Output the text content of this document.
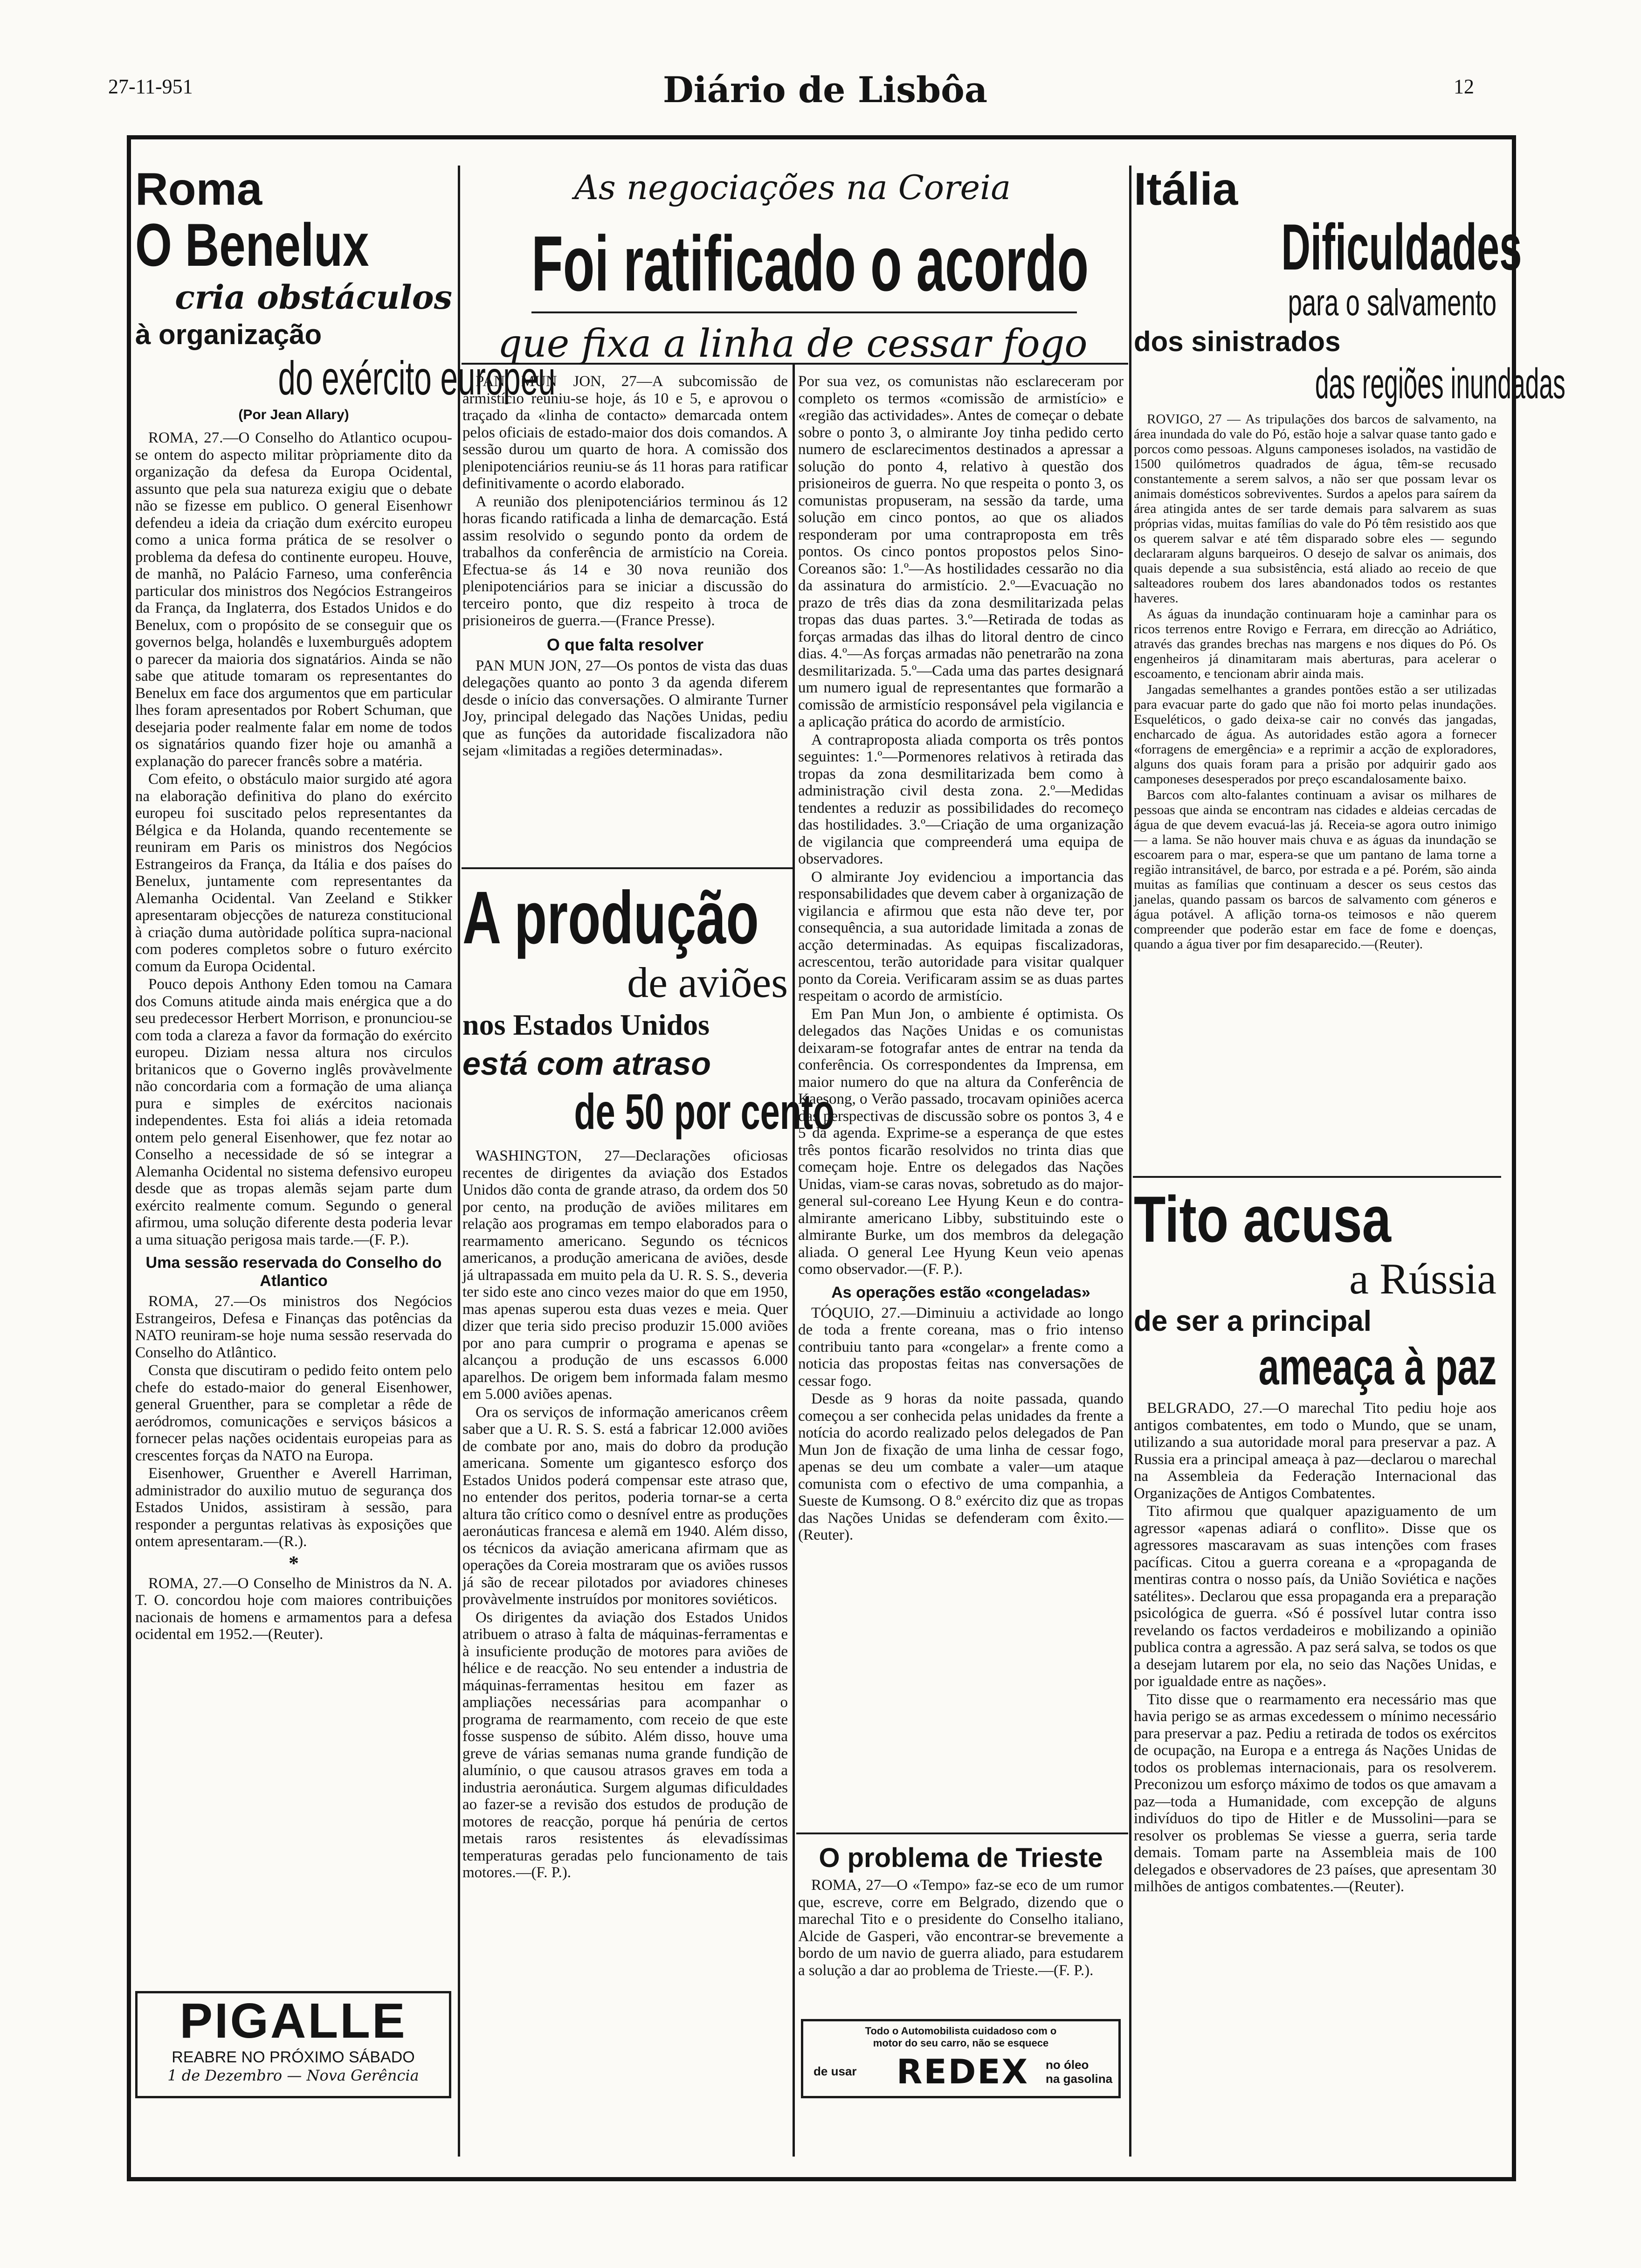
27-11-951	Diário de Lisbôa	12
Roma
O Benelux
cria obstáculos
à organização
do exército europeu
(Por Jean Allary)

ROMA, 27.—O Conselho do Atlantico ocupou-se ontem do aspecto militar pròpriamente dito da organização da defesa da Europa Ocidental, assunto que pela sua natureza exigiu que o debate não se fizesse em publico. O general Eisenhowr defendeu a ideia da criação dum exército europeu como a unica forma prática de se resolver o problema da defesa do continente europeu. Houve, de manhã, no Palácio Farneso, uma conferência particular dos ministros dos Negócios Estrangeiros da França, da Inglaterra, dos Estados Unidos e do Benelux, com o propósito de se conseguir que os governos belga, holandês e luxemburguês adoptem o parecer da maioria dos signatários. Ainda se não sabe que atitude tomaram os representantes do Benelux em face dos argumentos que em particular lhes foram apresentados por Robert Schuman, que desejaria poder realmente falar em nome de todos os signatários quando fizer hoje ou amanhã a explanação do parecer francês sobre a matéria.

Com efeito, o obstáculo maior surgido até agora na elaboração definitiva do plano do exército europeu foi suscitado pelos representantes da Bélgica e da Holanda, quando recentemente se reuniram em Paris os ministros dos Negócios Estrangeiros da França, da Itália e dos países do Benelux, juntamente com representantes da Alemanha Ocidental. Van Zeeland e Stikker apresentaram objecções de natureza constitucional à criação duma autòridade política supra-nacional com poderes completos sobre o futuro exército comum da Europa Ocidental.

Pouco depois Anthony Eden tomou na Camara dos Comuns atitude ainda mais enérgica que a do seu predecessor Herbert Morrison, e pronunciou-se com toda a clareza a favor da formação do exército europeu. Diziam nessa altura nos circulos britanicos que o Governo inglês provàvelmente não concordaria com a formação de uma aliança pura e simples de exércitos nacionais independentes. Esta foi aliás a ideia retomada ontem pelo general Eisenhower, que fez notar ao Conselho a necessidade de só se integrar a Alemanha Ocidental no sistema defensivo europeu desde que as tropas alemãs sejam parte dum exército realmente comum. Segundo o general afirmou, uma solução diferente desta poderia levar a uma situação perigosa mais tarde.—(F. P.).

Uma sessão reservada do Conselho do Atlantico

ROMA, 27.—Os ministros dos Negócios Estrangeiros, Defesa e Finanças das potências da NATO reuniram-se hoje numa sessão reservada do Conselho do Atlântico.

Consta que discutiram o pedido feito ontem pelo chefe do estado-maior do general Eisenhower, general Gruenther, para se completar a rêde de aeródromos, comunicações e serviços básicos a fornecer pelas nações ocidentais europeias para as crescentes forças da NATO na Europa.

Eisenhower, Gruenther e Averell Harriman, administrador do auxilio mutuo de segurança dos Estados Unidos, assistiram à sessão, para responder a perguntas relativas às exposições que ontem apresentaram.—(R.).

*

ROMA, 27.—O Conselho de Ministros da N. A. T. O. concordou hoje com maiores contribuições nacionais de homens e armamentos para a defesa ocidental em 1952.—(Reuter).

PIGALLE
REABRE NO PRÓXIMO SÁBADO
1 de Dezembro — Nova Gerência
As negociações na Coreia
Foi ratificado o acordo
que fixa a linha de cessar fogo

PAN MUN JON, 27—A subcomissão de armistício reuniu-se hoje, ás 10 e 5, e aprovou o traçado da «linha de contacto» demarcada ontem pelos oficiais de estado-maior dos dois comandos. A sessão durou um quarto de hora. A comissão dos plenipotenciários reuniu-se ás 11 horas para ratificar definitivamente o acordo elaborado.

A reunião dos plenipotenciários terminou ás 12 horas ficando ratificada a linha de demarcação. Está assim resolvido o segundo ponto da ordem de trabalhos da conferência de armistício na Coreia. Efectua-se ás 14 e 30 nova reunião dos plenipotenciários para se iniciar a discussão do terceiro ponto, que diz respeito à troca de prisioneiros de guerra.—(France Presse).

O que falta resolver

PAN MUN JON, 27—Os pontos de vista das duas delegações quanto ao ponto 3 da agenda diferem desde o início das conversações. O almirante Turner Joy, principal delegado das Nações Unidas, pediu que as funções da autoridade fiscalizadora não sejam «limitadas a regiões determinadas».

A produção
de aviões
nos Estados Unidos
está com atraso
de 50 por cento

WASHINGTON, 27—Declarações oficiosas recentes de dirigentes da aviação dos Estados Unidos dão conta de grande atraso, da ordem dos 50 por cento, na produção de aviões militares em relação aos programas em tempo elaborados para o rearmamento americano. Segundo os técnicos americanos, a produção americana de aviões, desde já ultrapassada em muito pela da U. R. S. S., deveria ter sido este ano cinco vezes maior do que em 1950, mas apenas superou esta duas vezes e meia. Quer dizer que teria sido preciso produzir 15.000 aviões por ano para cumprir o programa e apenas se alcançou a produção de uns escassos 6.000 aparelhos. De origem bem informada falam mesmo em 5.000 aviões apenas.

Ora os serviços de informação americanos crêem saber que a U. R. S. S. está a fabricar 12.000 aviões de combate por ano, mais do dobro da produção americana. Somente um gigantesco esforço dos Estados Unidos poderá compensar este atraso que, no entender dos peritos, poderia tornar-se a certa altura tão crítico como o desnível entre as produções aeronáuticas francesa e alemã em 1940. Além disso, os técnicos da aviação americana afirmam que as operações da Coreia mostraram que os aviões russos já são de recear pilotados por aviadores chineses provàvelmente instruídos por monitores soviéticos.

Os dirigentes da aviação dos Estados Unidos atribuem o atraso à falta de máquinas-ferramentas e à insuficiente produção de motores para aviões de hélice e de reacção. No seu entender a industria de máquinas-ferramentas hesitou em fazer as ampliações necessárias para acompanhar o programa de rearmamento, com receio de que este fosse suspenso de súbito. Além disso, houve uma greve de várias semanas numa grande fundição de alumínio, o que causou atrasos graves em toda a industria aeronáutica. Surgem algumas dificuldades ao fazer-se a revisão dos estudos de produção de motores de reacção, porque há penúria de certos metais raros resistentes ás elevadíssimas temperaturas geradas pelo funcionamento de tais motores.—(F. P.).

Por sua vez, os comunistas não esclareceram por completo os termos «comissão de armistício» e «região das actividades». Antes de começar o debate sobre o ponto 3, o almirante Joy tinha pedido certo numero de esclarecimentos destinados a apressar a solução do ponto 4, relativo à questão dos prisioneiros de guerra. No que respeita o ponto 3, os comunistas propuseram, na sessão da tarde, uma solução em cinco pontos, ao que os aliados responderam por uma contraproposta em três pontos. Os cinco pontos propostos pelos Sino-Coreanos são: 1.º—As hostilidades cessarão no dia da assinatura do armistício. 2.º—Evacuação no prazo de três dias da zona desmilitarizada pelas tropas das duas partes. 3.º—Retirada de todas as forças armadas das ilhas do litoral dentro de cinco dias. 4.º—As forças armadas não penetrarão na zona desmilitarizada. 5.º—Cada uma das partes designará um numero igual de representantes que formarão a comissão de armistício responsável pela vigilancia e a aplicação prática do acordo de armistício.

A contraproposta aliada comporta os três pontos seguintes: 1.º—Pormenores relativos à retirada das tropas da zona desmilitarizada bem como à administração civil desta zona. 2.º—Medidas tendentes a reduzir as possibilidades do recomeço das hostilidades. 3.º—Criação de uma organização de vigilancia que compreenderá uma equipa de observadores.

O almirante Joy evidenciou a importancia das responsabilidades que devem caber à organização de vigilancia e afirmou que esta não deve ter, por consequência, a sua autoridade limitada a zonas de acção determinadas. As equipas fiscalizadoras, acrescentou, terão autoridade para visitar qualquer ponto da Coreia. Verificaram assim se as duas partes respeitam o acordo de armistício.

Em Pan Mun Jon, o ambiente é optimista. Os delegados das Nações Unidas e os comunistas deixaram-se fotografar antes de entrar na tenda da conferência. Os correspondentes da Imprensa, em maior numero do que na altura da Conferência de Kaesong, o Verão passado, trocavam opiniões acerca das perspectivas de discussão sobre os pontos 3, 4 e 5 da agenda. Exprime-se a esperança de que estes três pontos ficarão resolvidos no trinta dias que começam hoje. Entre os delegados das Nações Unidas, viam-se caras novas, sobretudo as do major-general sul-coreano Lee Hyung Keun e do contra-almirante americano Libby, substituindo este o almirante Burke, um dos membros da delegação aliada. O general Lee Hyung Keun veio apenas como observador.—(F. P.).

As operações estão «congeladas»

TÓQUIO, 27.—Diminuiu a actividade ao longo de toda a frente coreana, mas o frio intenso contribuiu tanto para «congelar» a frente como a noticia das propostas feitas nas conversações de cessar fogo.

Desde as 9 horas da noite passada, quando começou a ser conhecida pelas unidades da frente a notícia do acordo realizado pelos delegados de Pan Mun Jon de fixação de uma linha de cessar fogo, apenas se deu um combate a valer—um ataque comunista com o efectivo de uma companhia, a Sueste de Kumsong. O 8.º exército diz que as tropas das Nações Unidas se defenderam com êxito.—(Reuter).

O problema de Trieste

ROMA, 27—O «Tempo» faz-se eco de um rumor que, escreve, corre em Belgrado, dizendo que o marechal Tito e o presidente do Conselho italiano, Alcide de Gasperi, vão encontrar-se brevemente a bordo de um navio de guerra aliado, para estudarem a solução a dar ao problema de Trieste.—(F. P.).

Todo o Automobilista cuidadoso com o
motor do seu carro, não se esquece
de usar REDEX no óleo
na gasolina
Itália
Dificuldades
para o salvamento
dos sinistrados
das regiões inundadas

ROVIGO, 27 — As tripulações dos barcos de salvamento, na área inundada do vale do Pó, estão hoje a salvar quase tanto gado e porcos como pessoas. Alguns camponeses isolados, na vastidão de 1500 quilómetros quadrados de água, têm-se recusado constantemente a serem salvos, a não ser que possam levar os animais domésticos sobreviventes. Surdos a apelos para saírem da área atingida antes de ser tarde demais para salvarem as suas próprias vidas, muitas famílias do vale do Pó têm resistido aos que os querem salvar e até têm disparado sobre eles — segundo declararam alguns barqueiros. O desejo de salvar os animais, dos quais depende a sua subsistência, está aliado ao receio de que salteadores roubem dos lares abandonados todos os restantes haveres.

As águas da inundação continuaram hoje a caminhar para os ricos terrenos entre Rovigo e Ferrara, em direcção ao Adriático, através das grandes brechas nas margens e nos diques do Pó. Os engenheiros já dinamitaram mais aberturas, para acelerar o escoamento, e tencionam abrir ainda mais.

Jangadas semelhantes a grandes pontões estão a ser utilizadas para evacuar parte do gado que não foi morto pelas inundações. Esqueléticos, o gado deixa-se cair no convés das jangadas, encharcado de água. As autoridades estão agora a fornecer «forragens de emergência» e a reprimir a acção de exploradores, alguns dos quais foram para a prisão por adquirir gado aos camponeses desesperados por preço escandalosamente baixo.

Barcos com alto-falantes continuam a avisar os milhares de pessoas que ainda se encontram nas cidades e aldeias cercadas de água de que devem evacuá-las já. Receia-se agora outro inimigo — a lama. Se não houver mais chuva e as águas da inundação se escoarem para o mar, espera-se que um pantano de lama torne a região intransitável, de barco, por estrada e a pé. Porém, são ainda muitas as famílias que continuam a descer os seus cestos das janelas, quando passam os barcos de salvamento com géneros e água potável. A aflição torna-os teimosos e não querem compreender que poderão estar em face de fome e doenças, quando a água tiver por fim desaparecido.—(Reuter).

Tito acusa
a Rússia
de ser a principal
ameaça à paz

BELGRADO, 27.—O marechal Tito pediu hoje aos antigos combatentes, em todo o Mundo, que se unam, utilizando a sua autoridade moral para preservar a paz. A Russia era a principal ameaça à paz—declarou o marechal na Assembleia da Federação Internacional das Organizações de Antigos Combatentes.

Tito afirmou que qualquer apaziguamento de um agressor «apenas adiará o conflito». Disse que os agressores mascaravam as suas intenções com frases pacíficas. Citou a guerra coreana e a «propaganda de mentiras contra o nosso país, da União Soviética e nações satélites». Declarou que essa propaganda era a preparação psicológica de guerra. «Só é possível lutar contra isso revelando os factos verdadeiros e mobilizando a opinião publica contra a agressão. A paz será salva, se todos os que a desejam lutarem por ela, no seio das Nações Unidas, e por igualdade entre as nações».

Tito disse que o rearmamento era necessário mas que havia perigo se as armas excedessem o mínimo necessário para preservar a paz. Pediu a retirada de todos os exércitos de ocupação, na Europa e a entrega ás Nações Unidas de todos os problemas internacionais, para os resolverem. Preconizou um esforço máximo de todos os que amavam a paz—toda a Humanidade, com excepção de alguns indivíduos do tipo de Hitler e de Mussolini—para se resolver os problemas Se viesse a guerra, seria tarde demais. Tomam parte na Assembleia mais de 100 delegados e observadores de 23 países, que apresentam 30 milhões de antigos combatentes.—(Reuter).
